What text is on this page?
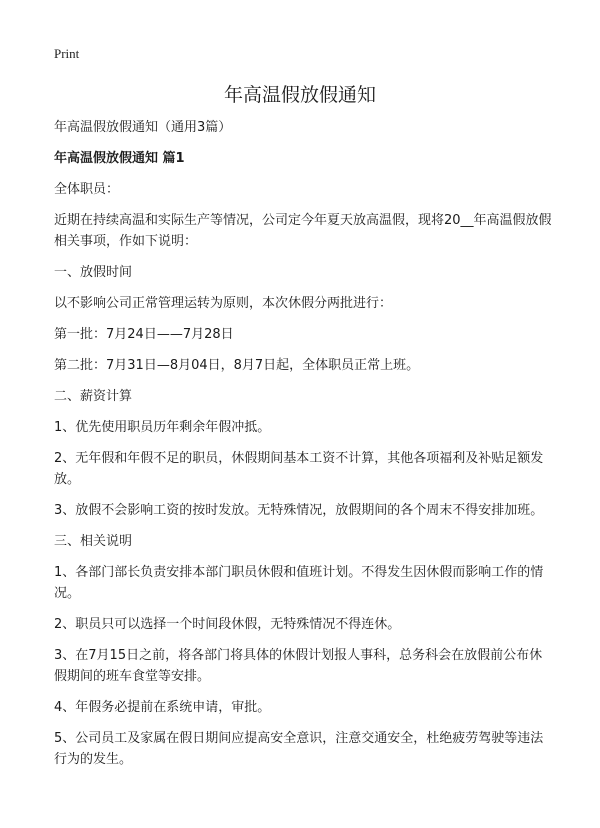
Print
年高温假放假通知

年高温假放假通知（通用3篇）

年高温假放假通知 篇1

全体职员：

近期在持续高温和实际生产等情况，公司定今年夏天放高温假，现将20__年高温假放假相关事项，作如下说明：

一、放假时间

以不影响公司正常管理运转为原则，本次休假分两批进行：

第一批：7月24日——7月28日

第二批：7月31日—8月04日，8月7日起，全体职员正常上班。

二、薪资计算

1、优先使用职员历年剩余年假冲抵。

2、无年假和年假不足的职员，休假期间基本工资不计算，其他各项福利及补贴足额发放。

3、放假不会影响工资的按时发放。无特殊情况，放假期间的各个周末不得安排加班。

三、相关说明

1、各部门部长负责安排本部门职员休假和值班计划。不得发生因休假而影响工作的情况。

2、职员只可以选择一个时间段休假，无特殊情况不得连休。

3、在7月15日之前，将各部门将具体的休假计划报人事科，总务科会在放假前公布休假期间的班车食堂等安排。

4、年假务必提前在系统申请，审批。

5、公司员工及家属在假日期间应提高安全意识，注意交通安全，杜绝疲劳驾驶等违法行为的发生。
